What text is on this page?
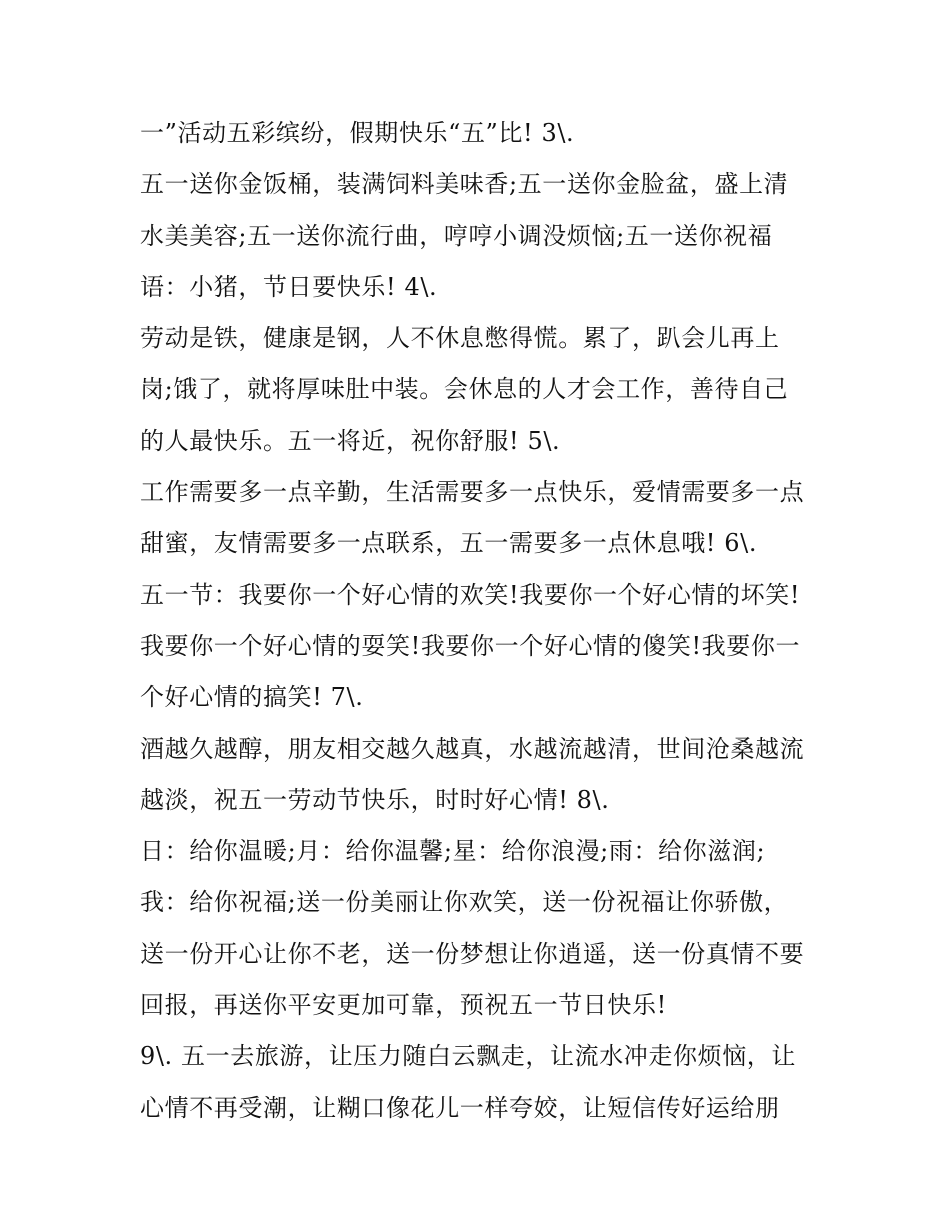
一”活动五彩缤纷，假期快乐“五”比! 3\.
五一送你金饭桶，装满饲料美味香;五一送你金脸盆，盛上清
水美美容;五一送你流行曲，哼哼小调没烦恼;五一送你祝福
语：小猪，节日要快乐! 4\.
劳动是铁，健康是钢，人不休息憋得慌。累了，趴会儿再上
岗;饿了，就将厚味肚中装。会休息的人才会工作，善待自己
的人最快乐。五一将近，祝你舒服! 5\.
工作需要多一点辛勤，生活需要多一点快乐，爱情需要多一点
甜蜜，友情需要多一点联系，五一需要多一点休息哦! 6\.
五一节：我要你一个好心情的欢笑!我要你一个好心情的坏笑!
我要你一个好心情的耍笑!我要你一个好心情的傻笑!我要你一
个好心情的搞笑! 7\.
酒越久越醇，朋友相交越久越真，水越流越清，世间沧桑越流
越淡，祝五一劳动节快乐，时时好心情! 8\.
日：给你温暖;月：给你温馨;星：给你浪漫;雨：给你滋润;
我：给你祝福;送一份美丽让你欢笑，送一份祝福让你骄傲，
送一份开心让你不老，送一份梦想让你逍遥，送一份真情不要
回报，再送你平安更加可靠，预祝五一节日快乐!
9\. 五一去旅游，让压力随白云飘走，让流水冲走你烦恼，让
心情不再受潮，让糊口像花儿一样夸姣，让短信传好运给朋
